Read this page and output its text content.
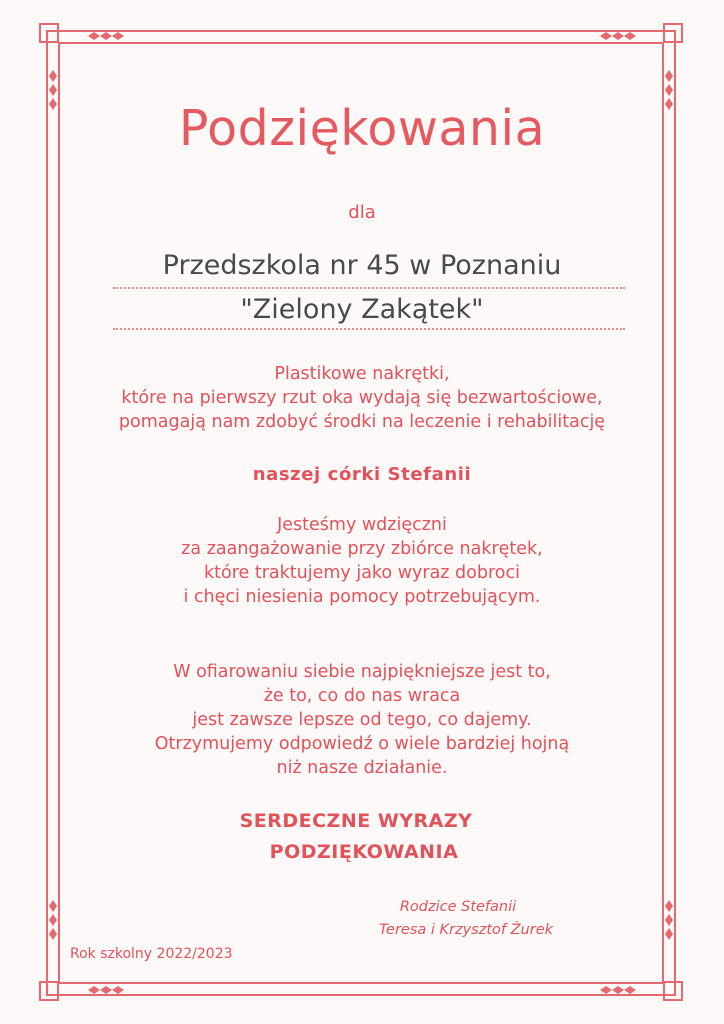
Podziękowania
dla
Przedszkola nr 45 w Poznaniu
"Zielony Zakątek"
Plastikowe nakrętki,
które na pierwszy rzut oka wydają się bezwartościowe,
pomagają nam zdobyć środki na leczenie i rehabilitację
naszej córki Stefanii
Jesteśmy wdzięczni
za zaangażowanie przy zbiórce nakrętek,
które traktujemy jako wyraz dobroci
i chęci niesienia pomocy potrzebującym.
W ofiarowaniu siebie najpiękniejsze jest to,
że to, co do nas wraca
jest zawsze lepsze od tego, co dajemy.
Otrzymujemy odpowiedź o wiele bardziej hojną
niż nasze działanie.
SERDECZNE WYRAZY
PODZIĘKOWANIA
Rodzice Stefanii
Teresa i Krzysztof Żurek
Rok szkolny 2022/2023
